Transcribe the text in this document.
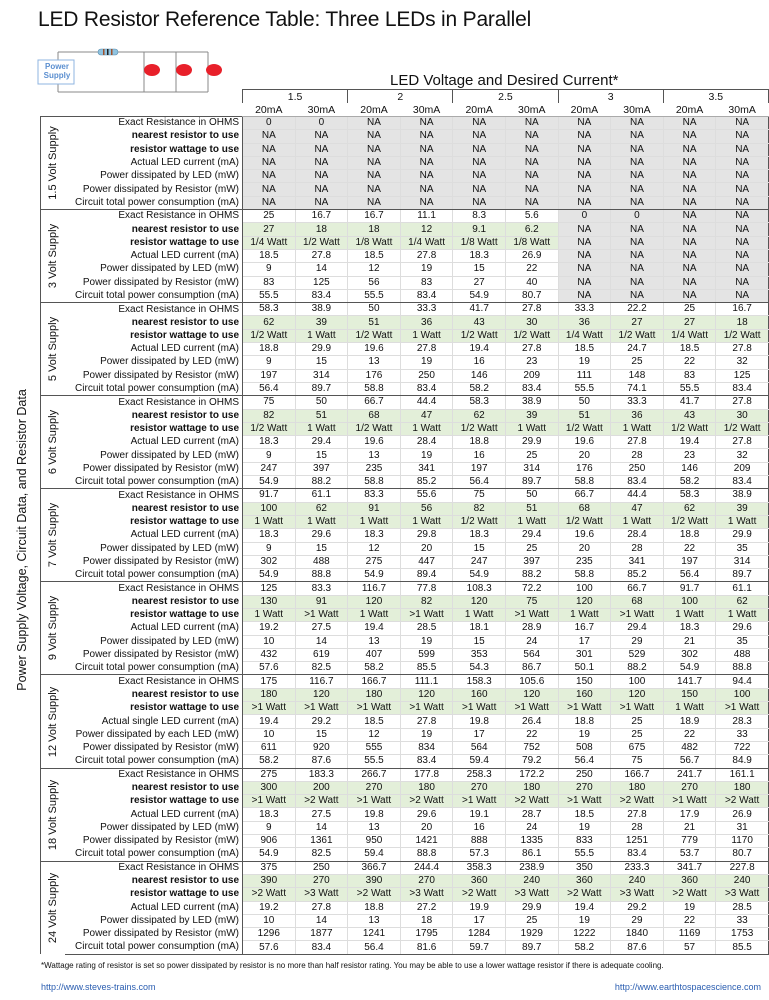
LED Resistor Reference Table: Three LEDs in Parallel
Power Supply	LED Voltage and Desired Current*
Power Supply Voltage, Circuit Data, and Resistor Data
		1.5		2		2.5		3		3.5	
		20mA	30mA	20mA	30mA	20mA	30mA	20mA	30mA	20mA	30mA

1.5 Volt Supply	Exact Resistance in OHMS	0	0	NA	NA	NA	NA	NA	NA	NA	NA
	nearest resistor to use	NA	NA	NA	NA	NA	NA	NA	NA	NA	NA
	resistor wattage to use	NA	NA	NA	NA	NA	NA	NA	NA	NA	NA
	Actual LED current (mA)	NA	NA	NA	NA	NA	NA	NA	NA	NA	NA
	Power dissipated by LED (mW)	NA	NA	NA	NA	NA	NA	NA	NA	NA	NA
	Power dissipated by Resistor (mW)	NA	NA	NA	NA	NA	NA	NA	NA	NA	NA
	Circuit total power consumption (mA)	NA	NA	NA	NA	NA	NA	NA	NA	NA	NA

3 Volt Supply	Exact Resistance in OHMS	25	16.7	16.7	11.1	8.3	5.6	0	0	NA	NA
	nearest resistor to use	27	18	18	12	9.1	6.2	NA	NA	NA	NA
	resistor wattage to use	1/4 Watt	1/2 Watt	1/8 Watt	1/4 Watt	1/8 Watt	1/8 Watt	NA	NA	NA	NA
	Actual LED current (mA)	18.5	27.8	18.5	27.8	18.3	26.9	NA	NA	NA	NA
	Power dissipated by LED (mW)	9	14	12	19	15	22	NA	NA	NA	NA
	Power dissipated by Resistor (mW)	83	125	56	83	27	40	NA	NA	NA	NA
	Circuit total power consumption (mA)	55.5	83.4	55.5	83.4	54.9	80.7	NA	NA	NA	NA

5 Volt Supply	Exact Resistance in OHMS	58.3	38.9	50	33.3	41.7	27.8	33.3	22.2	25	16.7
	nearest resistor to use	62	39	51	36	43	30	36	27	27	18
	resistor wattage to use	1/2 Watt	1 Watt	1/2 Watt	1 Watt	1/2 Watt	1/2 Watt	1/4 Watt	1/2 Watt	1/4 Watt	1/2 Watt
	Actual LED current (mA)	18.8	29.9	19.6	27.8	19.4	27.8	18.5	24.7	18.5	27.8
	Power dissipated by LED (mW)	9	15	13	19	16	23	19	25	22	32
	Power dissipated by Resistor (mW)	197	314	176	250	146	209	111	148	83	125
	Circuit total power consumption (mA)	56.4	89.7	58.8	83.4	58.2	83.4	55.5	74.1	55.5	83.4

6 Volt Supply	Exact Resistance in OHMS	75	50	66.7	44.4	58.3	38.9	50	33.3	41.7	27.8
	nearest resistor to use	82	51	68	47	62	39	51	36	43	30
	resistor wattage to use	1/2 Watt	1 Watt	1/2 Watt	1 Watt	1/2 Watt	1 Watt	1/2 Watt	1 Watt	1/2 Watt	1/2 Watt
	Actual LED current (mA)	18.3	29.4	19.6	28.4	18.8	29.9	19.6	27.8	19.4	27.8
	Power dissipated by LED (mW)	9	15	13	19	16	25	20	28	23	32
	Power dissipated by Resistor (mW)	247	397	235	341	197	314	176	250	146	209
	Circuit total power consumption (mA)	54.9	88.2	58.8	85.2	56.4	89.7	58.8	83.4	58.2	83.4

7 Volt Supply	Exact Resistance in OHMS	91.7	61.1	83.3	55.6	75	50	66.7	44.4	58.3	38.9
	nearest resistor to use	100	62	91	56	82	51	68	47	62	39
	resistor wattage to use	1 Watt	1 Watt	1 Watt	1 Watt	1/2 Watt	1 Watt	1/2 Watt	1 Watt	1/2 Watt	1 Watt
	Actual LED current (mA)	18.3	29.6	18.3	29.8	18.3	29.4	19.6	28.4	18.8	29.9
	Power dissipated by LED (mW)	9	15	12	20	15	25	20	28	22	35
	Power dissipated by Resistor (mW)	302	488	275	447	247	397	235	341	197	314
	Circuit total power consumption (mA)	54.9	88.8	54.9	89.4	54.9	88.2	58.8	85.2	56.4	89.7

9 Volt Supply	Exact Resistance in OHMS	125	83.3	116.7	77.8	108.3	72.2	100	66.7	91.7	61.1
	nearest resistor to use	130	91	120	82	120	75	120	68	100	62
	resistor wattage to use	1 Watt	>1 Watt	1 Watt	>1 Watt	1 Watt	>1 Watt	1 Watt	>1 Watt	1 Watt	1 Watt
	Actual LED current (mA)	19.2	27.5	19.4	28.5	18.1	28.9	16.7	29.4	18.3	29.6
	Power dissipated by LED (mW)	10	14	13	19	15	24	17	29	21	35
	Power dissipated by Resistor (mW)	432	619	407	599	353	564	301	529	302	488
	Circuit total power consumption (mA)	57.6	82.5	58.2	85.5	54.3	86.7	50.1	88.2	54.9	88.8

12 Volt Supply	Exact Resistance in OHMS	175	116.7	166.7	111.1	158.3	105.6	150	100	141.7	94.4
	nearest resistor to use	180	120	180	120	160	120	160	120	150	100
	resistor wattage to use	>1 Watt	>1 Watt	>1 Watt	>1 Watt	>1 Watt	>1 Watt	>1 Watt	>1 Watt	1 Watt	>1 Watt
	Actual single LED current (mA)	19.4	29.2	18.5	27.8	19.8	26.4	18.8	25	18.9	28.3
	Power dissipated by each LED (mW)	10	15	12	19	17	22	19	25	22	33
	Power dissipated by Resistor (mW)	611	920	555	834	564	752	508	675	482	722
	Circuit total power consumption (mA)	58.2	87.6	55.5	83.4	59.4	79.2	56.4	75	56.7	84.9

18 Volt Supply	Exact Resistance in OHMS	275	183.3	266.7	177.8	258.3	172.2	250	166.7	241.7	161.1
	nearest resistor to use	300	200	270	180	270	180	270	180	270	180
	resistor wattage to use	>1 Watt	>2 Watt	>1 Watt	>2 Watt	>1 Watt	>2 Watt	>1 Watt	>2 Watt	>1 Watt	>2 Watt
	Actual LED current (mA)	18.3	27.5	19.8	29.6	19.1	28.7	18.5	27.8	17.9	26.9
	Power dissipated by LED (mW)	9	14	13	20	16	24	19	28	21	31
	Power dissipated by Resistor (mW)	906	1361	950	1421	888	1335	833	1251	779	1170
	Circuit total power consumption (mA)	54.9	82.5	59.4	88.8	57.3	86.1	55.5	83.4	53.7	80.7

24 Volt Supply	Exact Resistance in OHMS	375	250	366.7	244.4	358.3	238.9	350	233.3	341.7	227.8
	nearest resistor to use	390	270	390	270	360	240	360	240	360	240
	resistor wattage to use	>2 Watt	>3 Watt	>2 Watt	>3 Watt	>2 Watt	>3 Watt	>2 Watt	>3 Watt	>2 Watt	>3 Watt
	Actual LED current (mA)	19.2	27.8	18.8	27.2	19.9	29.9	19.4	29.2	19	28.5
	Power dissipated by LED (mW)	10	14	13	18	17	25	19	29	22	33
	Power dissipated by Resistor (mW)	1296	1877	1241	1795	1284	1929	1222	1840	1169	1753
	Circuit total power consumption (mA)	57.6	83.4	56.4	81.6	59.7	89.7	58.2	87.6	57	85.5
*Wattage rating of resistor is set so power dissipated by resistor is no more than half resistor rating. You may be able to use a lower wattage resistor if there is adequate cooling.
http://www.steves-trains.com	http://www.earthtospacescience.com
